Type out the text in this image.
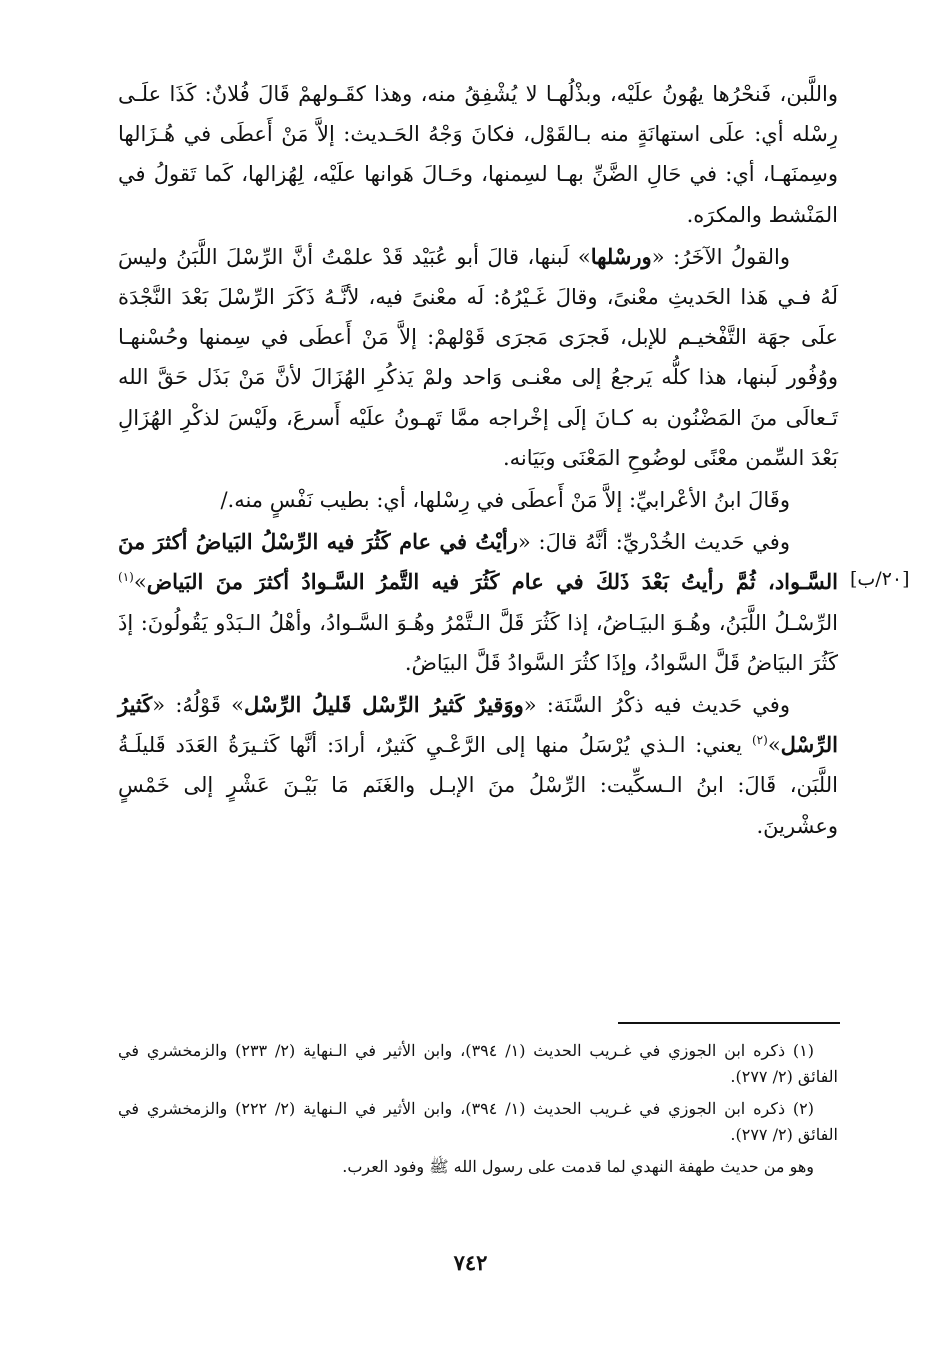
[٢٠/ب]

واللَّبن، فَنحْرُها يهُونُ علَيْه، وبذْلُهـا لا يُشْفِقُ منه، وهذا كقَـولهمْ قَالَ فُلانٌ: كَذَا علَـى رِسْله أي: علَى استهانَةٍ منه بـالقَوْل، فكانَ وَجْهُ الحَـديث: إلاَّ مَنْ أَعطَى في هُـزَالها وسِمنَهـا، أي: في حَالِ الضَّنِّ بهـا لسِمنها، وحَـالَ هَوانها علَيْه، لِهُزالها، كَما تَقولُ في المَنْشط والمكرَه.

والقولُ الآخَرُ: «ورسْلها» لَبنها، قالَ أبو عُبَيْد قَدْ علمْتُ أنَّ الرِّسْلَ اللَّبَنُ وليسَ لَهُ فـي هَذا الحَديثِ معْنىً، وقالَ غَـيْرُهُ: لَه معْنىً فيه، لأنَّـهُ ذَكَرَ الرِّسْلَ بَعْدَ النَّجْدَة علَى جهَة التَّفْخيـم للإبل، فَجرَى مَجرَى قَوْلهمْ: إلاَّ مَنْ أَعطَى في سِمنها وحُسْنهـا ووُفُور لَبنها، هذا كلُّه يَرجعُ إلى معْنـى وَاحد ولمْ يَذكُرِ الهُزَالَ لأنَّ مَنْ بَذَل حَقَّ الله تَـعالَى منَ المَضْنُون به كـانَ إلَى إخْراجه ممَّا تَهـونُ علَيْه أَسرعَ، ولَيْسَ لذكْرِ الهُزَالِ بَعْدَ السِّمن معْنًى لوضُوحِ المَعْنَى وبَيَانه.

وقَالَ ابنُ الأعْرابيِّ: إلاَّ مَنْ أَعطَى في رِسْلها، أي: بطيب نَفْسٍ منه./

وفي حَديث الخُدْريِّ: أنَّهُ قالَ: «رأيْتُ في عام كَثُرَ فيه الرِّسْلُ البَياضُ أكثرَ منَ السَّـواد، ثُمَّ رأيتُ بَعْدَ ذَلكَ في عام كَثُرَ فيه التَّمرُ السَّـوادُ أكثرَ منَ البَياض»$^{(١)}$ الرِّسْـلُ اللَّبَنُ، وهُـوَ البيَـاضُ، إذا كَثُرَ قَلَّ الـتَّمْرُ وهُـوَ السَّـوادُ، وأهْلُ الـبَدْو يَقُولُونَ: إذَ كَثُرَ البيَاضُ قَلَّ السَّوادُ، وإذَا كثُرَ السَّوادُ قَلَّ البيَاضُ.

وفي حَديث فيه ذكْرُ السَّنَة: «ووَقيرٌ كَثيرُ الرِّسْل قَليلُ الرِّسْل» قَوْلُهُ: «كَثيرُ الرِّسْل»$^{(٢)}$ يعني: الـذي يُرْسَلُ منها إلى الرَّعْـيِ كَثيرٌ، أرادَ: أنَّها كَثـيرَةُ العَدَد قَليلَـةُ اللَّبَن، قَالَ: ابنُ الـسكِّيت: الرِّسْلُ منَ الإبـل والغَنَم مَا بَيْـنَ عَشْرٍ إلى خَمْسٍ وعشْرينَ.

(١) ذكره ابن الجوزي في غـريب الحديث (١/ ٣٩٤)، وابن الأثير في الـنهاية (٢/ ٢٣٣) والزمخشري في الفائق (٢/ ٢٧٧).

(٢) ذكره ابن الجوزي في غـريب الحديث (١/ ٣٩٤)، وابن الأثير في الـنهاية (٢/ ٢٢٢) والزمخشري في الفائق (٢/ ٢٧٧).

وهو من حديث طهفة النهدي لما قدمت على رسول الله ﷺ وفود العرب.

٧٤٢
